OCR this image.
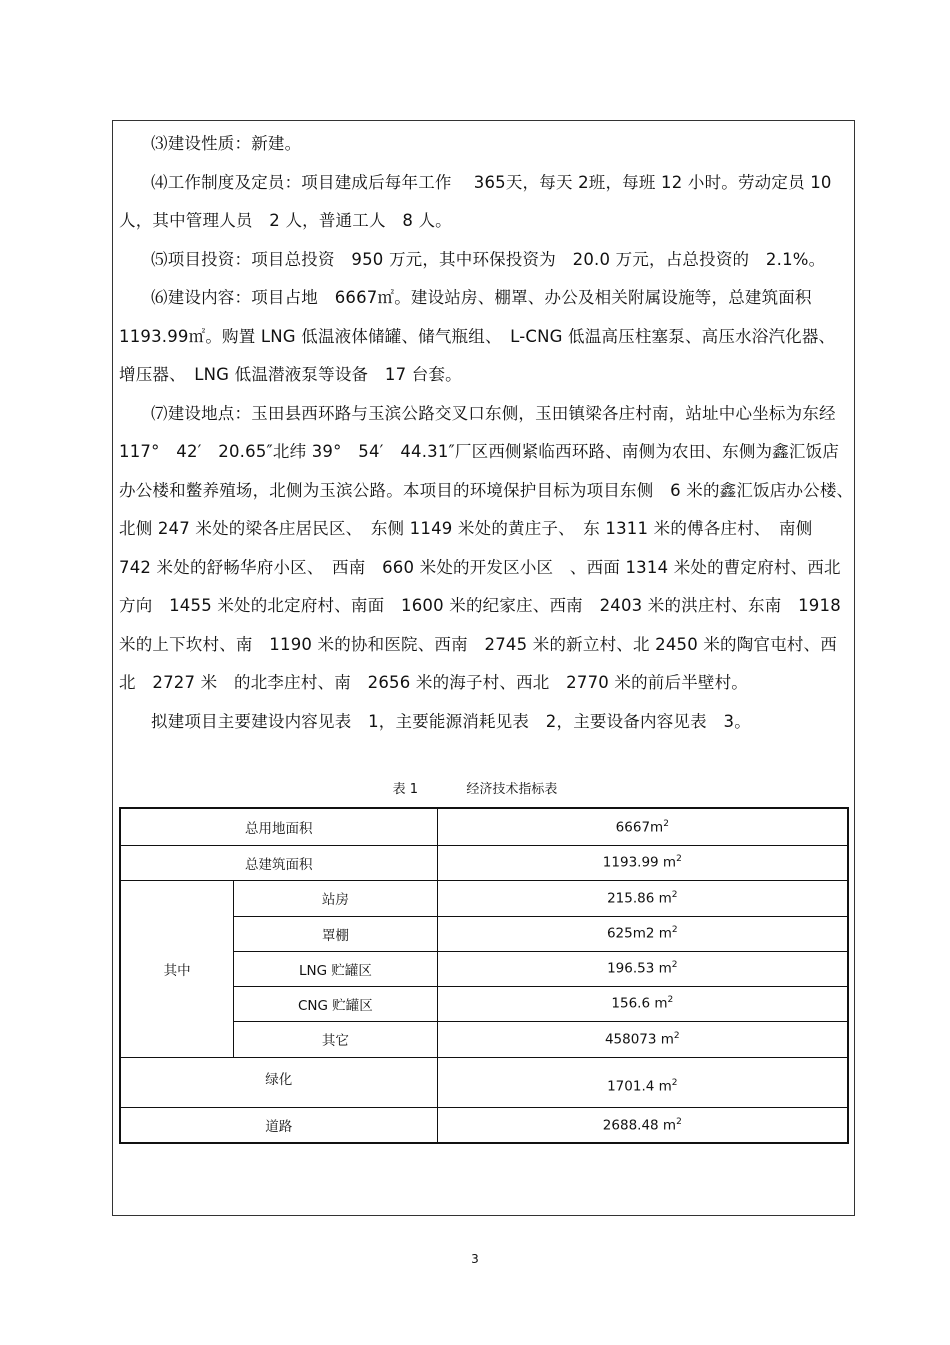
⑶建设性质：新建。

⑷工作制度及定员：项目建成后每年工作　 365天，每天 2班，每班 12 小时。劳动定员 10 人，其中管理人员　2 人，普通工人　8 人。

⑸项目投资：项目总投资　950 万元，其中环保投资为　20.0 万元，占总投资的　2.1%。

⑹建设内容：项目占地　6667㎡。建设站房、棚罩、办公及相关附属设施等，总建筑面积 1193.99㎡。购置 LNG 低温液体储罐、储气瓶组、　L-CNG 低温高压柱塞泵、高压水浴汽化器、增压器、　LNG 低温潜液泵等设备　17 台套。

⑺建设地点：玉田县西环路与玉滨公路交叉口东侧，玉田镇梁各庄村南，站址中心坐标为东经　117°　42′　20.65″北纬 39°　54′　44.31″厂区西侧紧临西环路、南侧为农田、东侧为鑫汇饭店办公楼和鳖养殖场，北侧为玉滨公路。本项目的环境保护目标为项目东侧　6 米的鑫汇饭店办公楼、　北侧 247 米处的梁各庄居民区、　东侧 1149 米处的黄庄子、　东 1311 米的傅各庄村、　南侧　742 米处的舒畅华府小区、　西南　660 米处的开发区小区　、西面 1314 米处的曹定府村、西北方向　1455 米处的北定府村、南面　1600 米的纪家庄、西南　2403 米的洪庄村、东南　1918 米的上下坎村、南　1190 米的协和医院、西南　2745 米的新立村、北 2450 米的陶官屯村、西北　2727 米　的北李庄村、南　2656 米的海子村、西北　2770 米的前后半壁村。

拟建项目主要建设内容见表　1，主要能源消耗见表　2，主要设备内容见表　3。

表 1	经济技术指标表
总用地面积		$6667m^2$
总建筑面积		1193.99 $m^2$
其中	站房	215.86 $m^2$
	罩棚	625m2 $m^2$
	LNG 贮罐区	196.53 $m^2$
	CNG 贮罐区	156.6 $m^2$
	其它	458073 $m^2$
绿化		1701.4 $m^2$
道路		2688.48 $m^2$
3
